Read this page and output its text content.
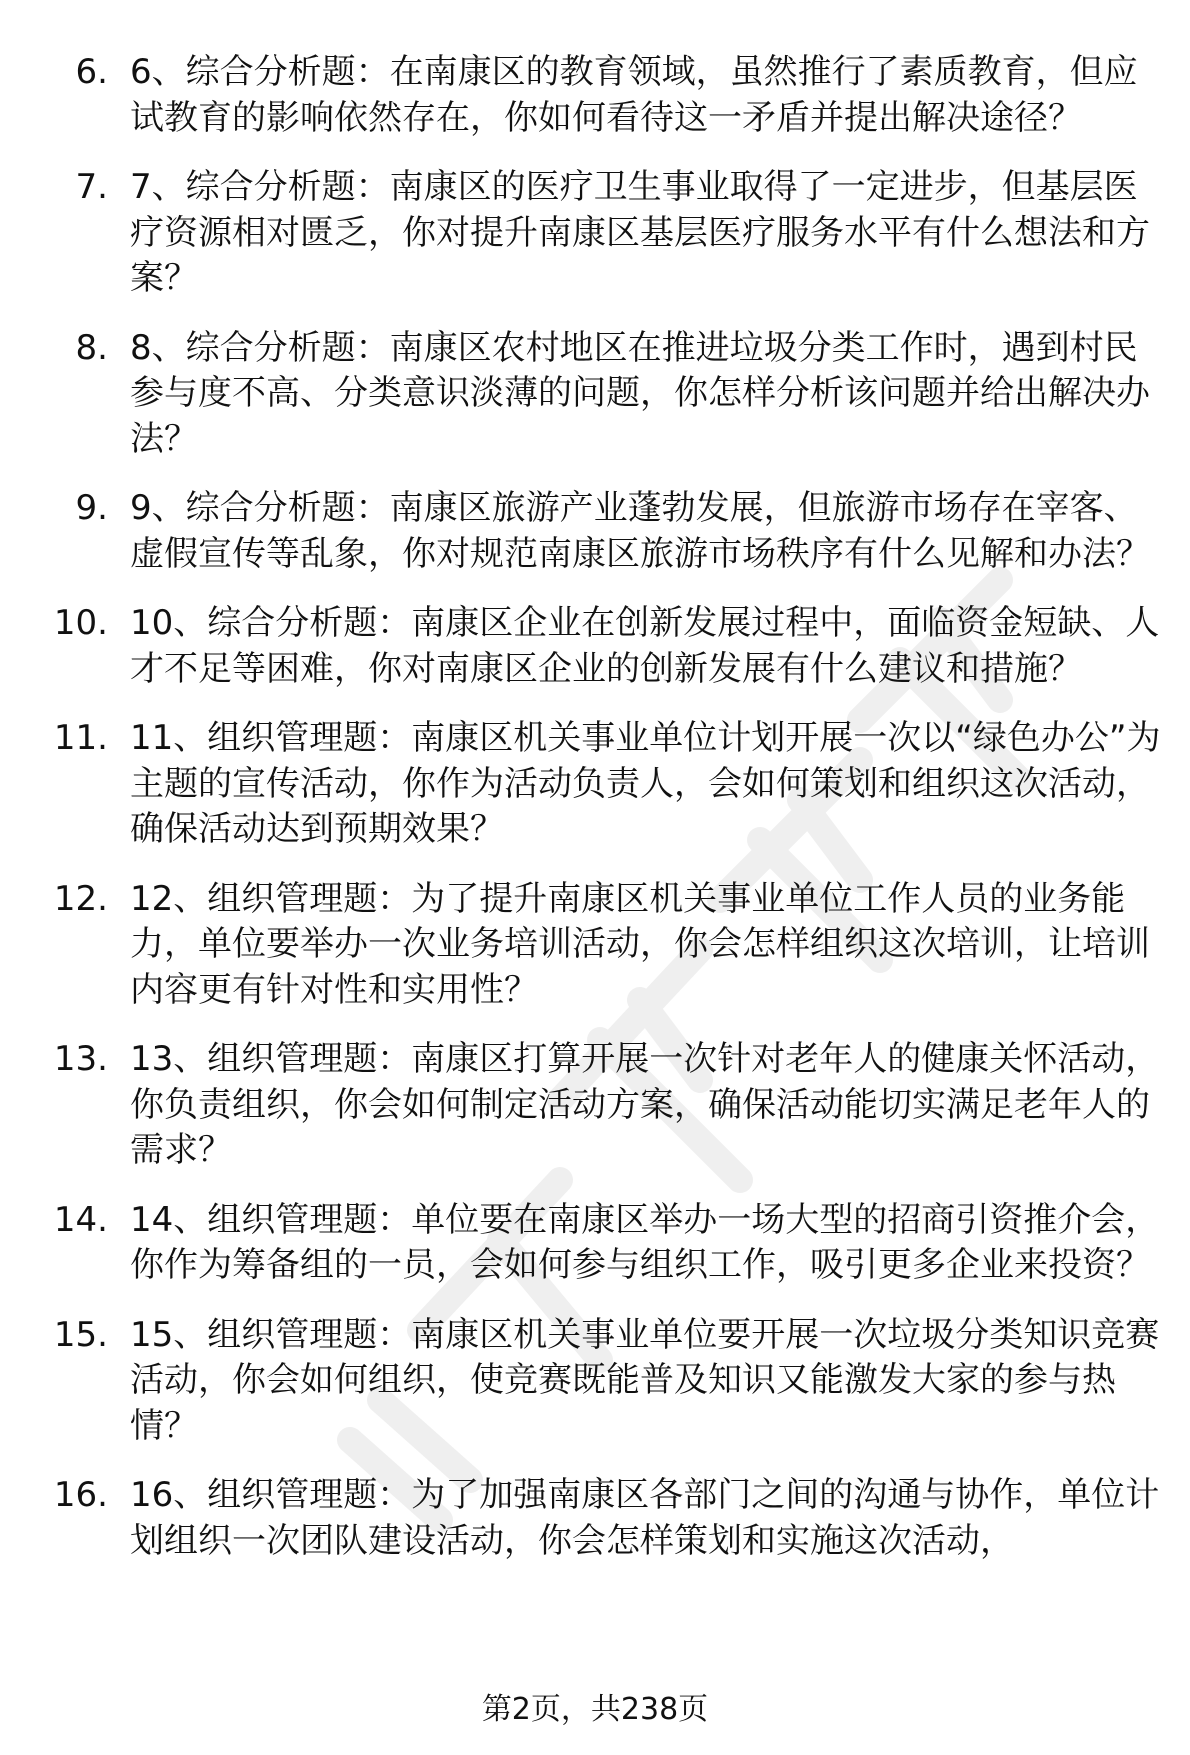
6. 6、综合分析题：在南康区的教育领域，虽然推行了素质教育，但应试教育的影响依然存在，你如何看待这一矛盾并提出解决途径？
7. 7、综合分析题：南康区的医疗卫生事业取得了一定进步，但基层医疗资源相对匮乏，你对提升南康区基层医疗服务水平有什么想法和方案？
8. 8、综合分析题：南康区农村地区在推进垃圾分类工作时，遇到村民参与度不高、分类意识淡薄的问题，你怎样分析该问题并给出解决办法？
9. 9、综合分析题：南康区旅游产业蓬勃发展，但旅游市场存在宰客、虚假宣传等乱象，你对规范南康区旅游市场秩序有什么见解和办法？
10. 10、综合分析题：南康区企业在创新发展过程中，面临资金短缺、人才不足等困难，你对南康区企业的创新发展有什么建议和措施？
11. 11、组织管理题：南康区机关事业单位计划开展一次以“绿色办公”为主题的宣传活动，你作为活动负责人，会如何策划和组织这次活动，确保活动达到预期效果？
12. 12、组织管理题：为了提升南康区机关事业单位工作人员的业务能力，单位要举办一次业务培训活动，你会怎样组织这次培训，让培训内容更有针对性和实用性？
13. 13、组织管理题：南康区打算开展一次针对老年人的健康关怀活动，你负责组织，你会如何制定活动方案，确保活动能切实满足老年人的需求？
14. 14、组织管理题：单位要在南康区举办一场大型的招商引资推介会，你作为筹备组的一员，会如何参与组织工作，吸引更多企业来投资？
15. 15、组织管理题：南康区机关事业单位要开展一次垃圾分类知识竞赛活动，你会如何组织，使竞赛既能普及知识又能激发大家的参与热情？
16. 16、组织管理题：为了加强南康区各部门之间的沟通与协作，单位计划组织一次团队建设活动，你会怎样策划和实施这次活动，
第2页，共238页
